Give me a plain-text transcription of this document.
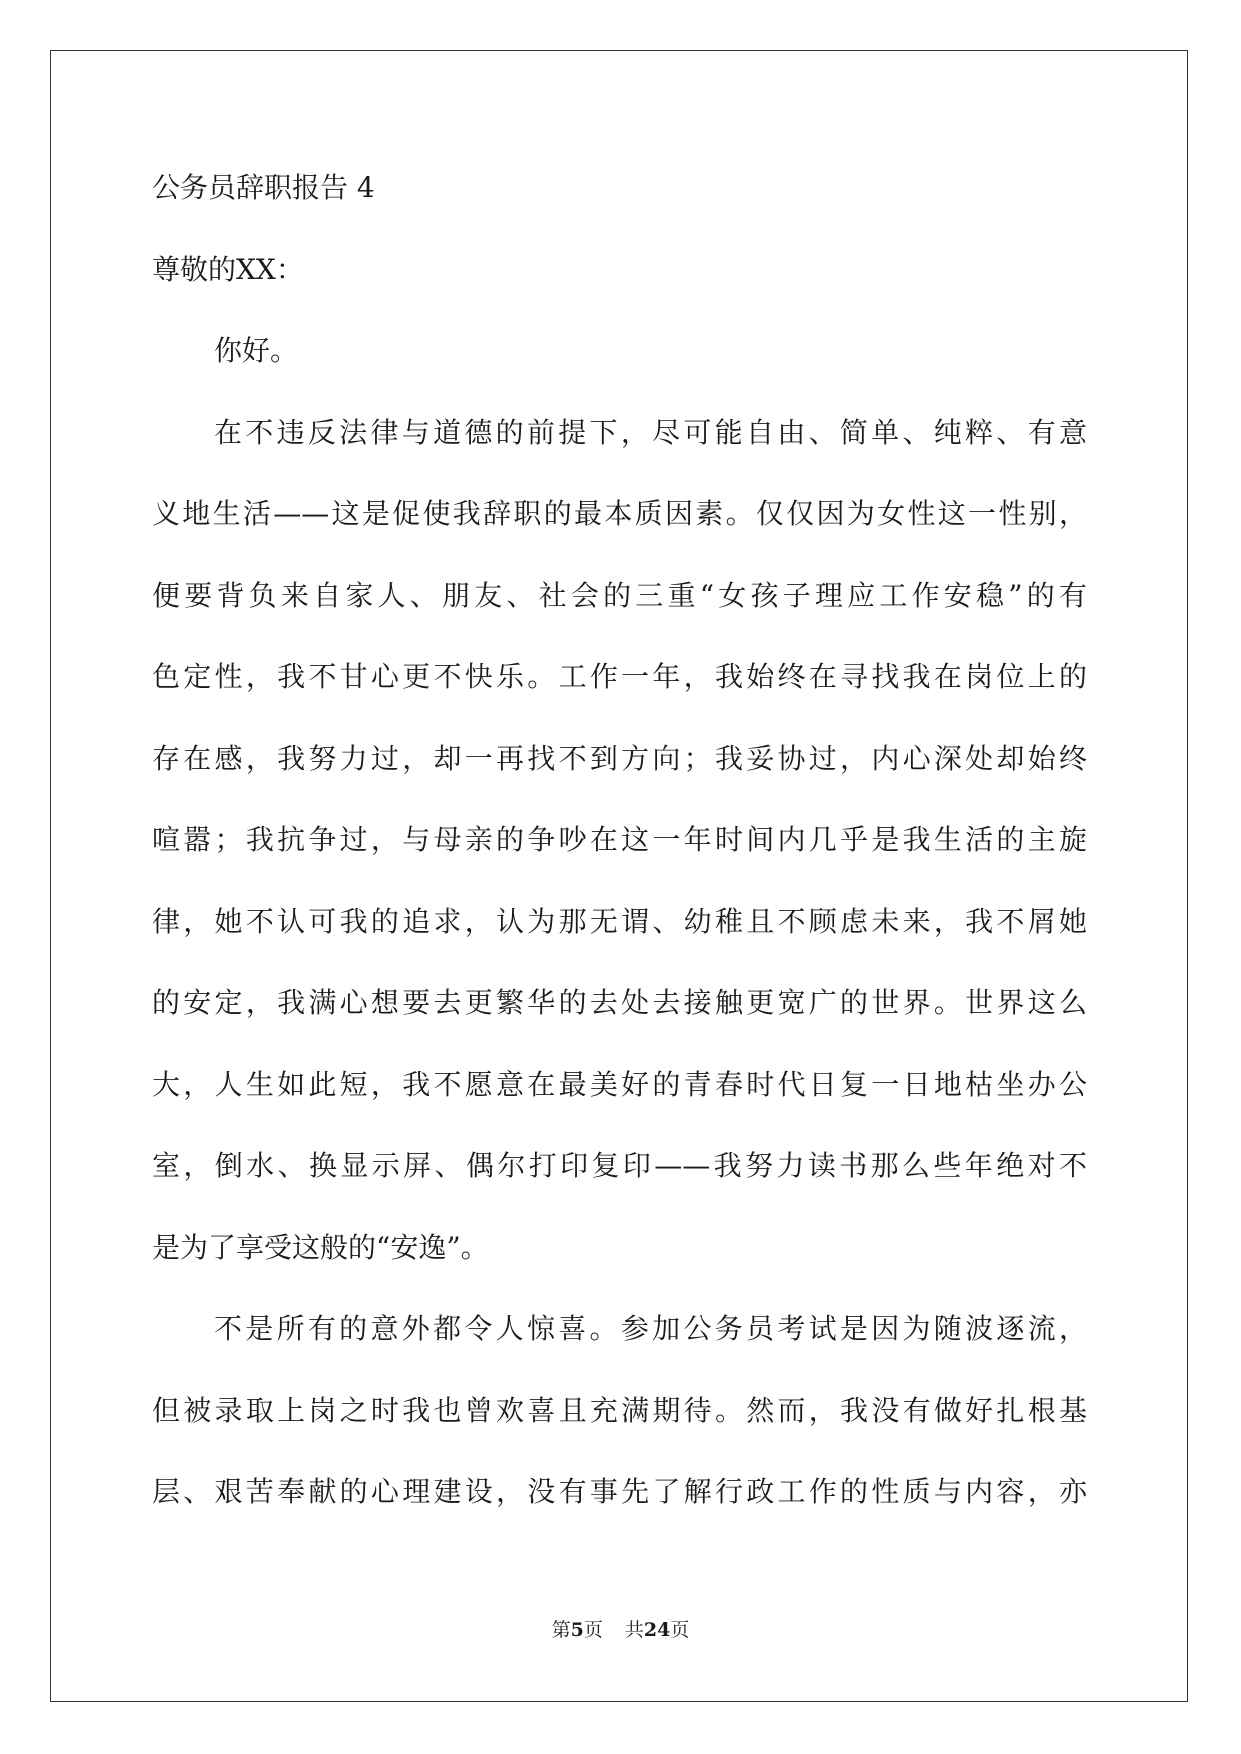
公务员辞职报告 4
尊敬的XX：
你好。
在不违反法律与道德的前提下，尽可能自由、简单、纯粹、有意
义地生活——这是促使我辞职的最本质因素。仅仅因为女性这一性别，
便要背负来自家人、朋友、社会的三重“女孩子理应工作安稳”的有
色定性，我不甘心更不快乐。工作一年，我始终在寻找我在岗位上的
存在感，我努力过，却一再找不到方向；我妥协过，内心深处却始终
喧嚣；我抗争过，与母亲的争吵在这一年时间内几乎是我生活的主旋
律，她不认可我的追求，认为那无谓、幼稚且不顾虑未来，我不屑她
的安定，我满心想要去更繁华的去处去接触更宽广的世界。世界这么
大，人生如此短，我不愿意在最美好的青春时代日复一日地枯坐办公
室，倒水、换显示屏、偶尔打印复印——我努力读书那么些年绝对不
是为了享受这般的“安逸”。
不是所有的意外都令人惊喜。参加公务员考试是因为随波逐流，
但被录取上岗之时我也曾欢喜且充满期待。然而，我没有做好扎根基
层、艰苦奉献的心理建设，没有事先了解行政工作的性质与内容，亦
第5页 共24页
